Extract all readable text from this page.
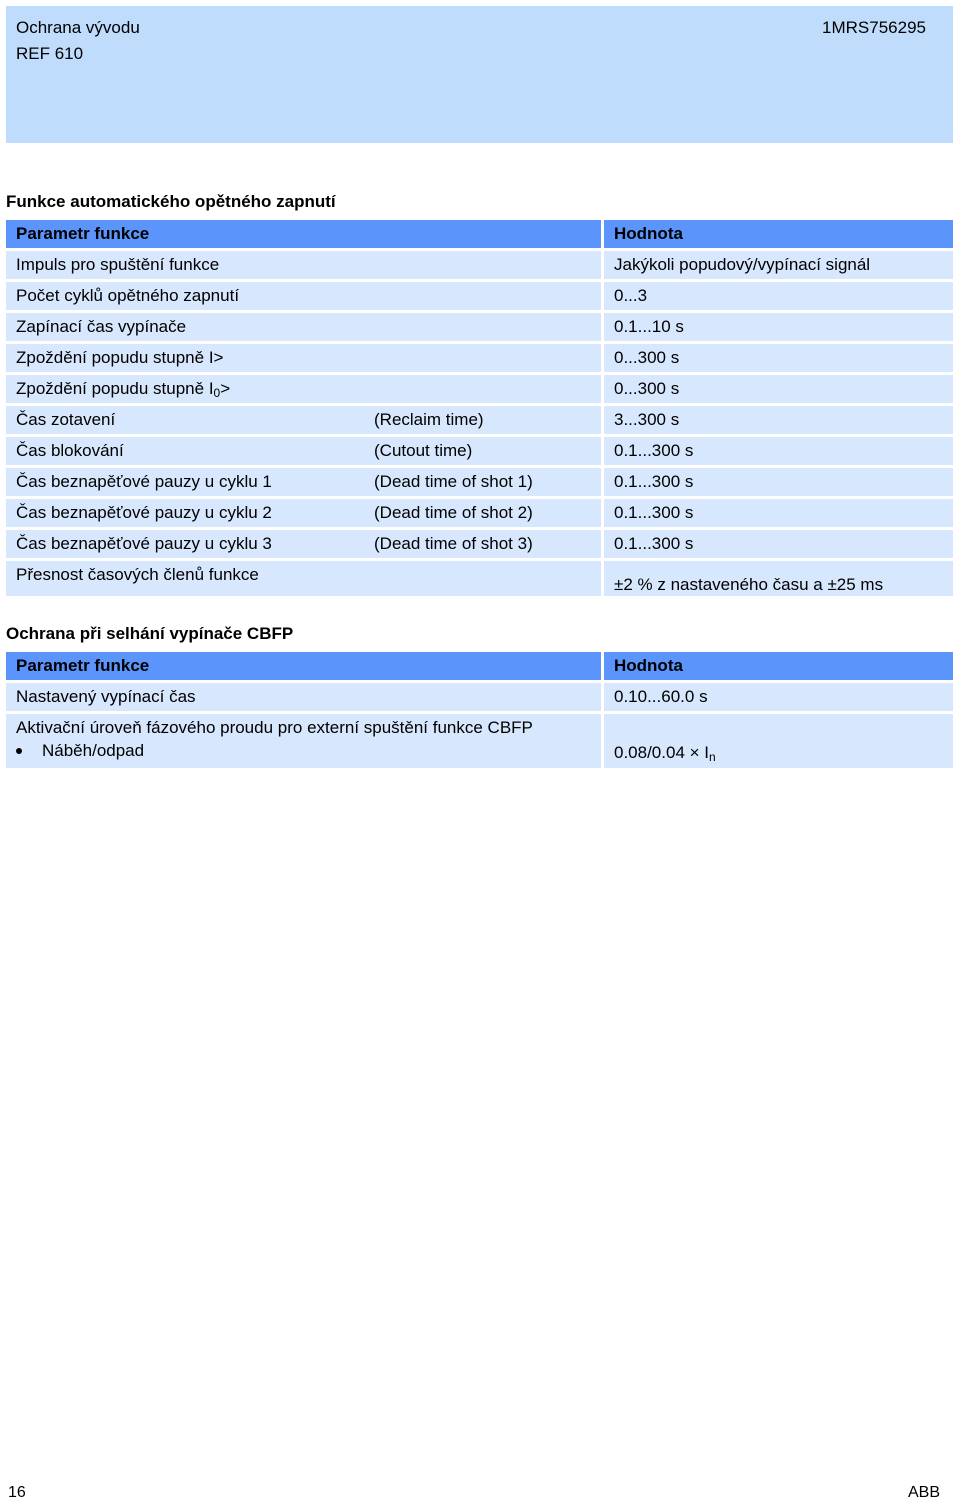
Ochrana vývodu
REF 610
1MRS756295
Funkce automatického opětného zapnutí
Parametr funkce		Hodnota
Impuls pro spuštění funkce		Jakýkoli popudový/vypínací signál
Počet cyklů opětného zapnutí		0...3
Zapínací čas vypínače		0.1...10 s
Zpoždění popudu stupně I>		0...300 s
Zpoždění popudu stupně $I_0>$		0...300 s
Čas zotavení	(Reclaim time)	3...300 s
Čas blokování	(Cutout time)	0.1...300 s
Čas beznapěťové pauzy u cyklu 1	(Dead time of shot 1)	0.1...300 s
Čas beznapěťové pauzy u cyklu 2	(Dead time of shot 2)	0.1...300 s
Čas beznapěťové pauzy u cyklu 3	(Dead time of shot 3)	0.1...300 s
Přesnost časových členů funkce		±2 % z nastaveného času a ±25 ms
Ochrana při selhání vypínače CBFP
Parametr funkce	Hodnota
Nastavený vypínací čas	0.10...60.0 s
Aktivační úroveň fázového proudu pro externí spuštění funkce CBFP
Náběh/odpad	$0.08/0.04 \times I_n$
16	ABB
